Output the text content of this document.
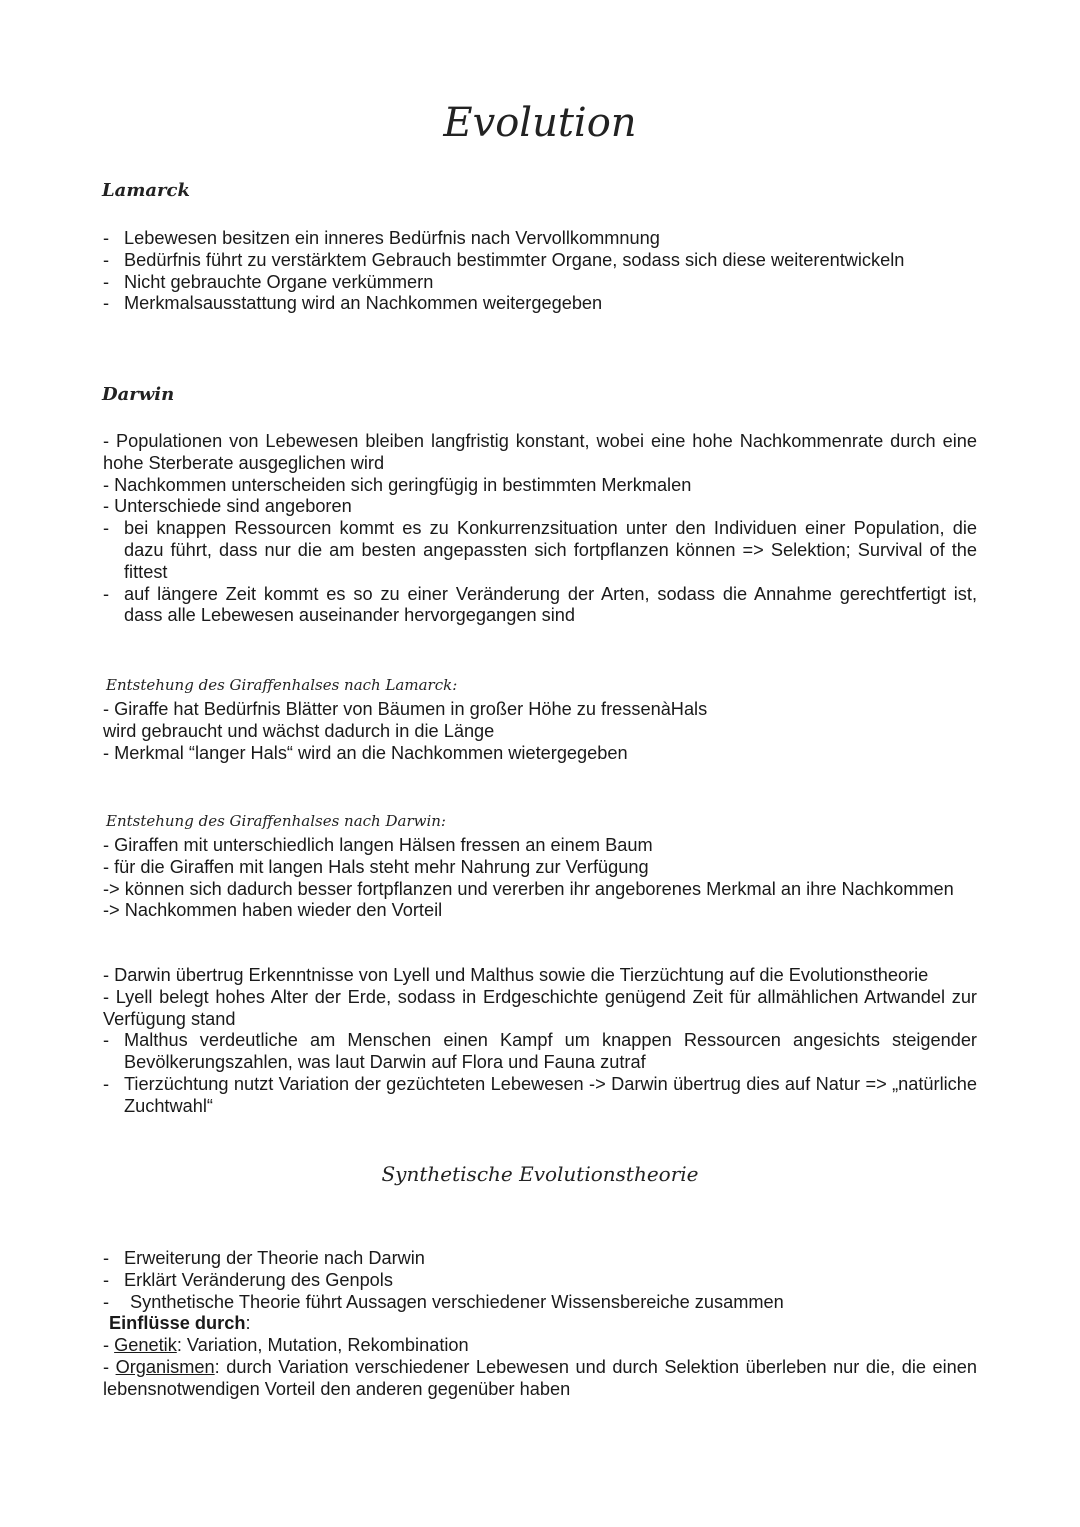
Evolution
Lamarck
- Lebewesen besitzen ein inneres Bedürfnis nach Vervollkommnung
- Bedürfnis führt zu verstärktem Gebrauch bestimmter Organe, sodass sich diese weiterentwickeln
- Nicht gebrauchte Organe verkümmern
- Merkmalsausstattung wird an Nachkommen weitergegeben
Darwin
- Populationen von Lebewesen bleiben langfristig konstant, wobei eine hohe Nachkommenrate durch eine hohe Sterberate ausgeglichen wird
- Nachkommen unterscheiden sich geringfügig in bestimmten Merkmalen
- Unterschiede sind angeboren
- bei knappen Ressourcen kommt es zu Konkurrenzsituation unter den Individuen einer Population, die dazu führt, dass nur die am besten angepassten sich fortpflanzen können => Selektion; Survival of the fittest
- auf längere Zeit kommt es so zu einer Veränderung der Arten, sodass die Annahme gerechtfertigt ist, dass alle Lebewesen auseinander hervorgegangen sind
Entstehung des Giraffenhalses nach Lamarck:
- Giraffe hat Bedürfnis Blätter von Bäumen in großer Höhe zu fressenàHals
wird gebraucht und wächst dadurch in die Länge
- Merkmal “langer Hals“ wird an die Nachkommen wietergegeben
Entstehung des Giraffenhalses nach Darwin:
- Giraffen mit unterschiedlich langen Hälsen fressen an einem Baum
- für die Giraffen mit langen Hals steht mehr Nahrung zur Verfügung
-> können sich dadurch besser fortpflanzen und vererben ihr angeborenes Merkmal an ihre Nachkommen
-> Nachkommen haben wieder den Vorteil
- Darwin übertrug Erkenntnisse von Lyell und Malthus sowie die Tierzüchtung auf die Evolutionstheorie
- Lyell belegt hohes Alter der Erde, sodass in Erdgeschichte genügend Zeit für allmählichen Artwandel zur Verfügung stand
- Malthus verdeutliche am Menschen einen Kampf um knappen Ressourcen angesichts steigender Bevölkerungszahlen, was laut Darwin auf Flora und Fauna zutraf
- Tierzüchtung nutzt Variation der gezüchteten Lebewesen -> Darwin übertrug dies auf Natur => „natürliche Zuchtwahl“
Synthetische Evolutionstheorie
- Erweiterung der Theorie nach Darwin
- Erklärt Veränderung des Genpols
- Synthetische Theorie führt Aussagen verschiedener Wissensbereiche zusammen
Einflüsse durch:
- Genetik: Variation, Mutation, Rekombination
- Organismen: durch Variation verschiedener Lebewesen und durch Selektion überleben nur die, die einen lebensnotwendigen Vorteil den anderen gegenüber haben
